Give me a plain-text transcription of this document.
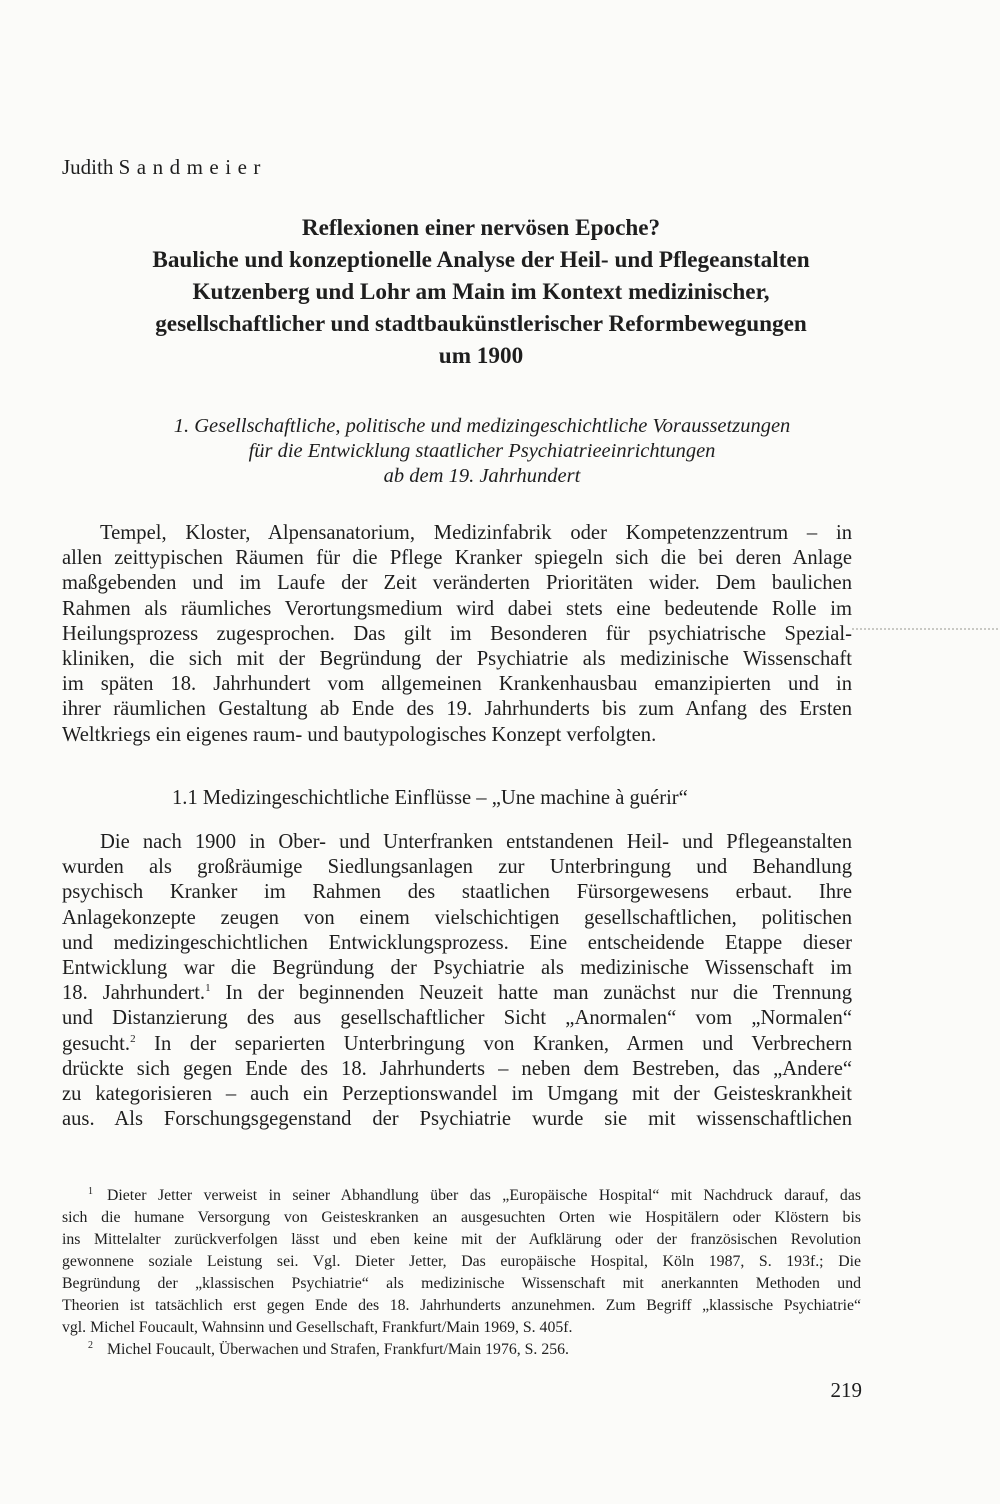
Judith Sandmeier
Reflexionen einer nervösen Epoche?
Bauliche und konzeptionelle Analyse der Heil- und Pflegeanstalten
Kutzenberg und Lohr am Main im Kontext medizinischer,
gesellschaftlicher und stadtbaukünstlerischer Reformbewegungen
um 1900
1. Gesellschaftliche, politische und medizingeschichtliche Voraussetzungen
für die Entwicklung staatlicher Psychiatrieeinrichtungen
ab dem 19. Jahrhundert

Tempel, Kloster, Alpensanatorium, Medizinfabrik oder Kompetenzzentrum – in
allen zeittypischen Räumen für die Pflege Kranker spiegeln sich die bei deren Anlage
maßgebenden und im Laufe der Zeit veränderten Prioritäten wider. Dem baulichen
Rahmen als räumliches Verortungsmedium wird dabei stets eine bedeutende Rolle im
Heilungsprozess zugesprochen. Das gilt im Besonderen für psychiatrische Spezial-
kliniken, die sich mit der Begründung der Psychiatrie als medizinische Wissenschaft
im späten 18. Jahrhundert vom allgemeinen Krankenhausbau emanzipierten und in
ihrer räumlichen Gestaltung ab Ende des 19. Jahrhunderts bis zum Anfang des Ersten
Weltkriegs ein eigenes raum- und bautypologisches Konzept verfolgten.

1.1 Medizingeschichtliche Einflüsse – „Une machine à guérir“

Die nach 1900 in Ober- und Unterfranken entstandenen Heil- und Pflegeanstalten
wurden als großräumige Siedlungsanlagen zur Unterbringung und Behandlung
psychisch Kranker im Rahmen des staatlichen Fürsorgewesens erbaut. Ihre
Anlagekonzepte zeugen von einem vielschichtigen gesellschaftlichen, politischen
und medizingeschichtlichen Entwicklungsprozess. Eine entscheidende Etappe dieser
Entwicklung war die Begründung der Psychiatrie als medizinische Wissenschaft im
18. Jahrhundert.$^1$ In der beginnenden Neuzeit hatte man zunächst nur die Trennung
und Distanzierung des aus gesellschaftlicher Sicht „Anormalen“ vom „Normalen“
gesucht.$^2$ In der separierten Unterbringung von Kranken, Armen und Verbrechern
drückte sich gegen Ende des 18. Jahrhunderts – neben dem Bestreben, das „Andere“
zu kategorisieren – auch ein Perzeptionswandel im Umgang mit der Geisteskrankheit
aus. Als Forschungsgegenstand der Psychiatrie wurde sie mit wissenschaftlichen

$^1$ Dieter Jetter verweist in seiner Abhandlung über das „Europäische Hospital“ mit Nachdruck darauf, das
sich die humane Versorgung von Geisteskranken an ausgesuchten Orten wie Hospitälern oder Klöstern bis
ins Mittelalter zurückverfolgen lässt und eben keine mit der Aufklärung oder der französischen Revolution
gewonnene soziale Leistung sei. Vgl. Dieter Jetter, Das europäische Hospital, Köln 1987, S. 193f.; Die
Begründung der „klassischen Psychiatrie“ als medizinische Wissenschaft mit anerkannten Methoden und
Theorien ist tatsächlich erst gegen Ende des 18. Jahrhunderts anzunehmen. Zum Begriff „klassische Psychiatrie“
vgl. Michel Foucault, Wahnsinn und Gesellschaft, Frankfurt/Main 1969, S. 405f.
$^2$ Michel Foucault, Überwachen und Strafen, Frankfurt/Main 1976, S. 256.
219
